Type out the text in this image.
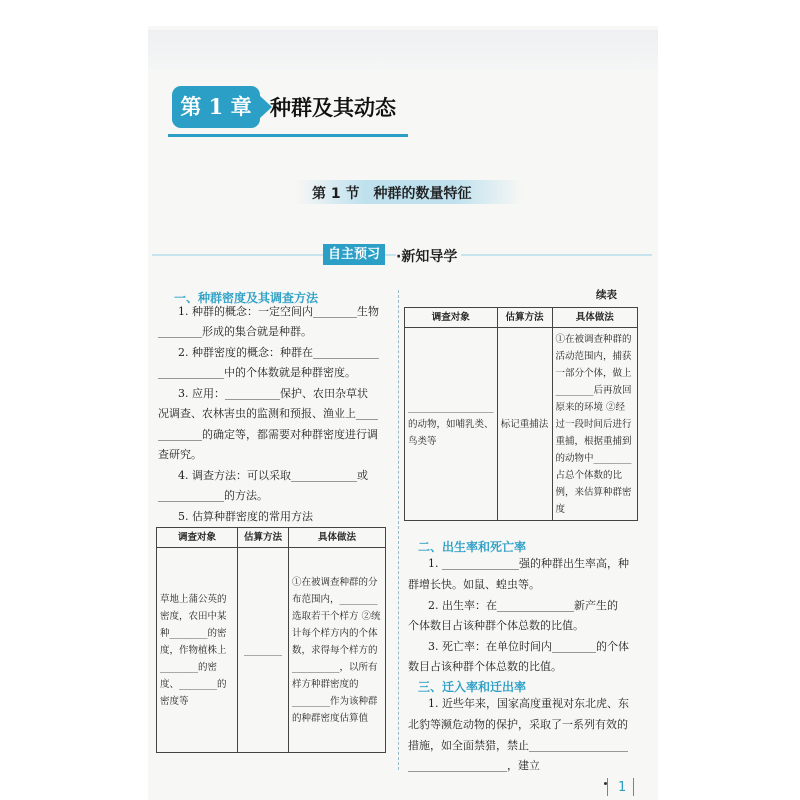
第 1 章 种群及其动态
第 1 节　种群的数量特征
自主预习	·新知导学
一、种群密度及其调查方法
1. 种群的概念：一定空间内________生物
________形成的集合就是种群。
2. 种群密度的概念：种群在____________
____________中的个体数就是种群密度。
3. 应用：__________保护、农田杂草状
况调查、农林害虫的监测和预报、渔业上____
________的确定等，都需要对种群密度进行调
查研究。
4. 调查方法：可以采取____________或
____________的方法。
5. 估算种群密度的常用方法
调查对象	估算方法	具体做法
草地上蒲公英的密度，农田中某种________的密度，作物植株上________的密度、________的密度等	________	①在被调查种群的分布范围内，________选取若干个样方 ②统计每个样方内的个体数，求得每个样方的__________，以所有样方种群密度的________作为该种群的种群密度估算值
续表
调查对象	估算方法	具体做法
__________________的动物，如哺乳类、鸟类等	标记重捕法	①在被调查种群的活动范围内，捕获一部分个体，做上________后再放回原来的环境 ②经过一段时间后进行重捕，根据重捕到的动物中________占总个体数的比例，来估算种群密度
二、出生率和死亡率
1. ______________强的种群出生率高，种
群增长快。如鼠、蝗虫等。
2. 出生率：在______________新产生的
个体数目占该种群个体总数的比值。
3. 死亡率：在单位时间内________的个体
数目占该种群个体总数的比值。
三、迁入率和迁出率
1. 近些年来，国家高度重视对东北虎、东
北豹等濒危动物的保护，采取了一系列有效的
措施，如全面禁猎，禁止__________________
__________________，建立
1
